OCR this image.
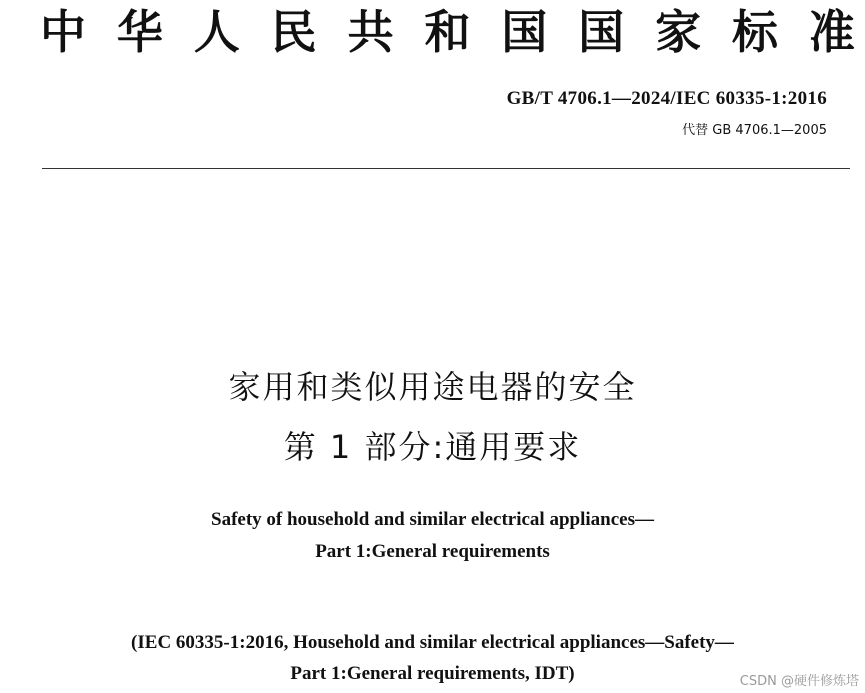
中 华 人 民 共 和 国 国 家 标 准
GB/T 4706.1—2024/IEC 60335-1:2016
代替 GB 4706.1—2005
家用和类似用途电器的安全
第 1 部分:通用要求
Safety of household and similar electrical appliances—
Part 1:General requirements
(IEC 60335-1:2016, Household and similar electrical appliances—Safety—
Part 1:General requirements, IDT)	CSDN @硬件修炼塔
